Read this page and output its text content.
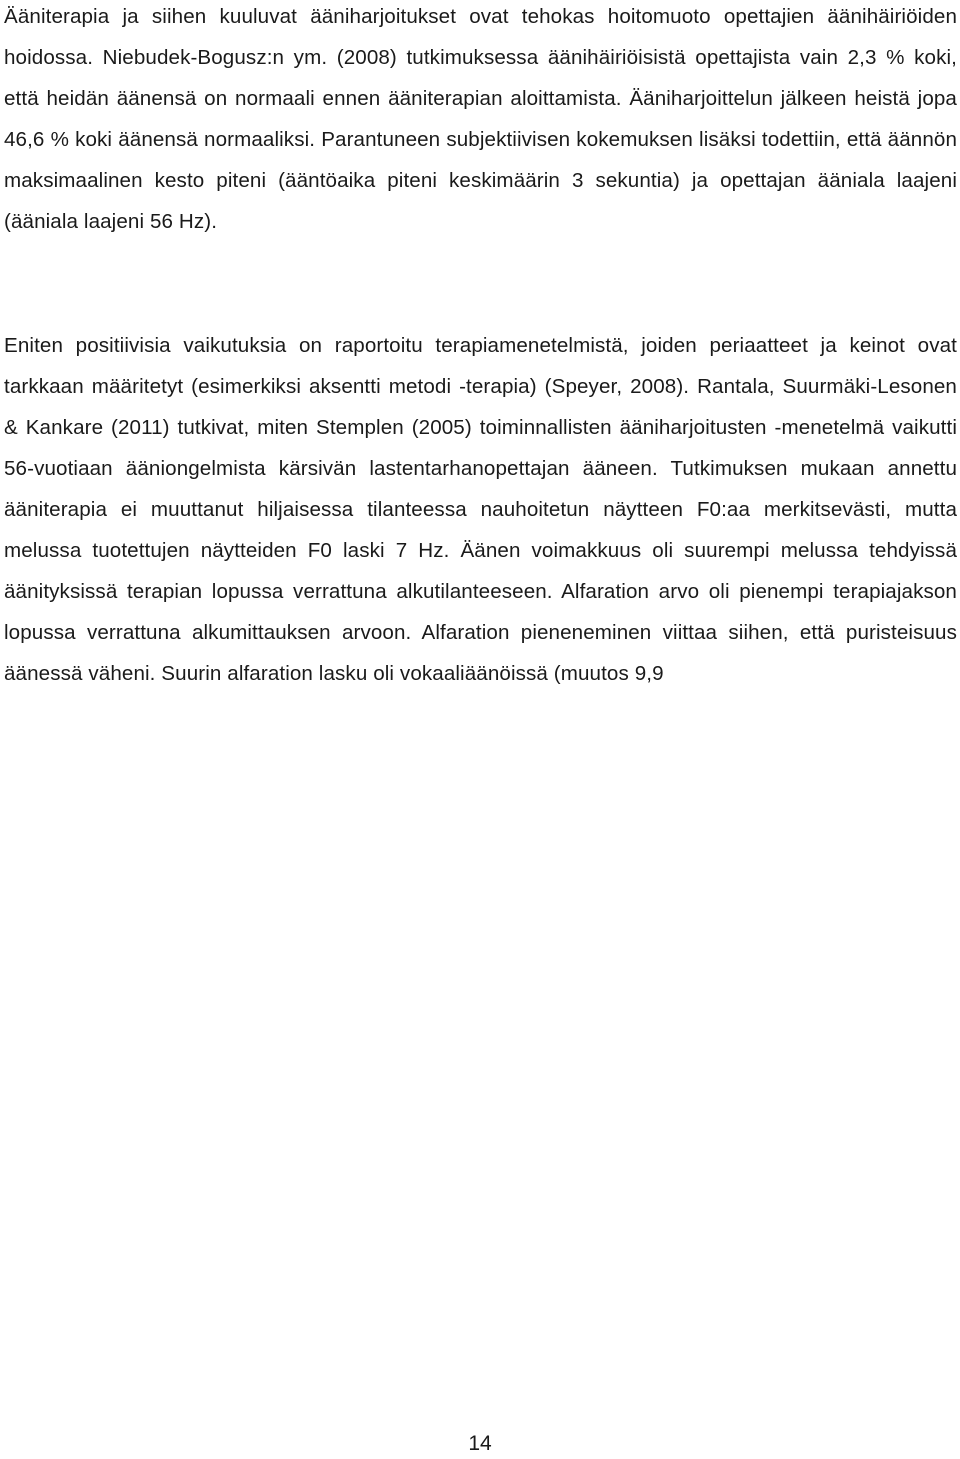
Ääniterapia ja siihen kuuluvat ääniharjoitukset ovat tehokas hoitomuoto opettajien äänihäiriöiden hoidossa. Niebudek-Bogusz:n ym. (2008) tutkimuksessa äänihäiriöisistä opettajista vain 2,3 % koki, että heidän äänensä on normaali ennen ääniterapian aloittamista. Ääniharjoittelun jälkeen heistä jopa 46,6 % koki äänensä normaaliksi. Parantuneen subjektiivisen kokemuksen lisäksi todettiin, että äännön maksimaalinen kesto piteni (ääntöaika piteni keskimäärin 3 sekuntia) ja opettajan ääniala laajeni (ääniala laajeni 56 Hz).

Eniten positiivisia vaikutuksia on raportoitu terapiamenetelmistä, joiden periaatteet ja keinot ovat tarkkaan määritetyt (esimerkiksi aksentti metodi -terapia) (Speyer, 2008). Rantala, Suurmäki-Lesonen & Kankare (2011) tutkivat, miten Stemplen (2005) toiminnallisten ääniharjoitusten -menetelmä vaikutti 56-vuotiaan ääniongelmista kärsivän lastentarhanopettajan ääneen. Tutkimuksen mukaan annettu ääniterapia ei muuttanut hiljaisessa tilanteessa nauhoitetun näytteen F0:aa merkitsevästi, mutta melussa tuotettujen näytteiden F0 laski 7 Hz. Äänen voimakkuus oli suurempi melussa tehdyissä äänityksissä terapian lopussa verrattuna alkutilanteeseen. Alfaration arvo oli pienempi terapiajakson lopussa verrattuna alkumittauksen arvoon. Alfaration pieneneminen viittaa siihen, että puristeisuus äänessä väheni. Suurin alfaration lasku oli vokaaliäänöissä (muutos 9,9

14
